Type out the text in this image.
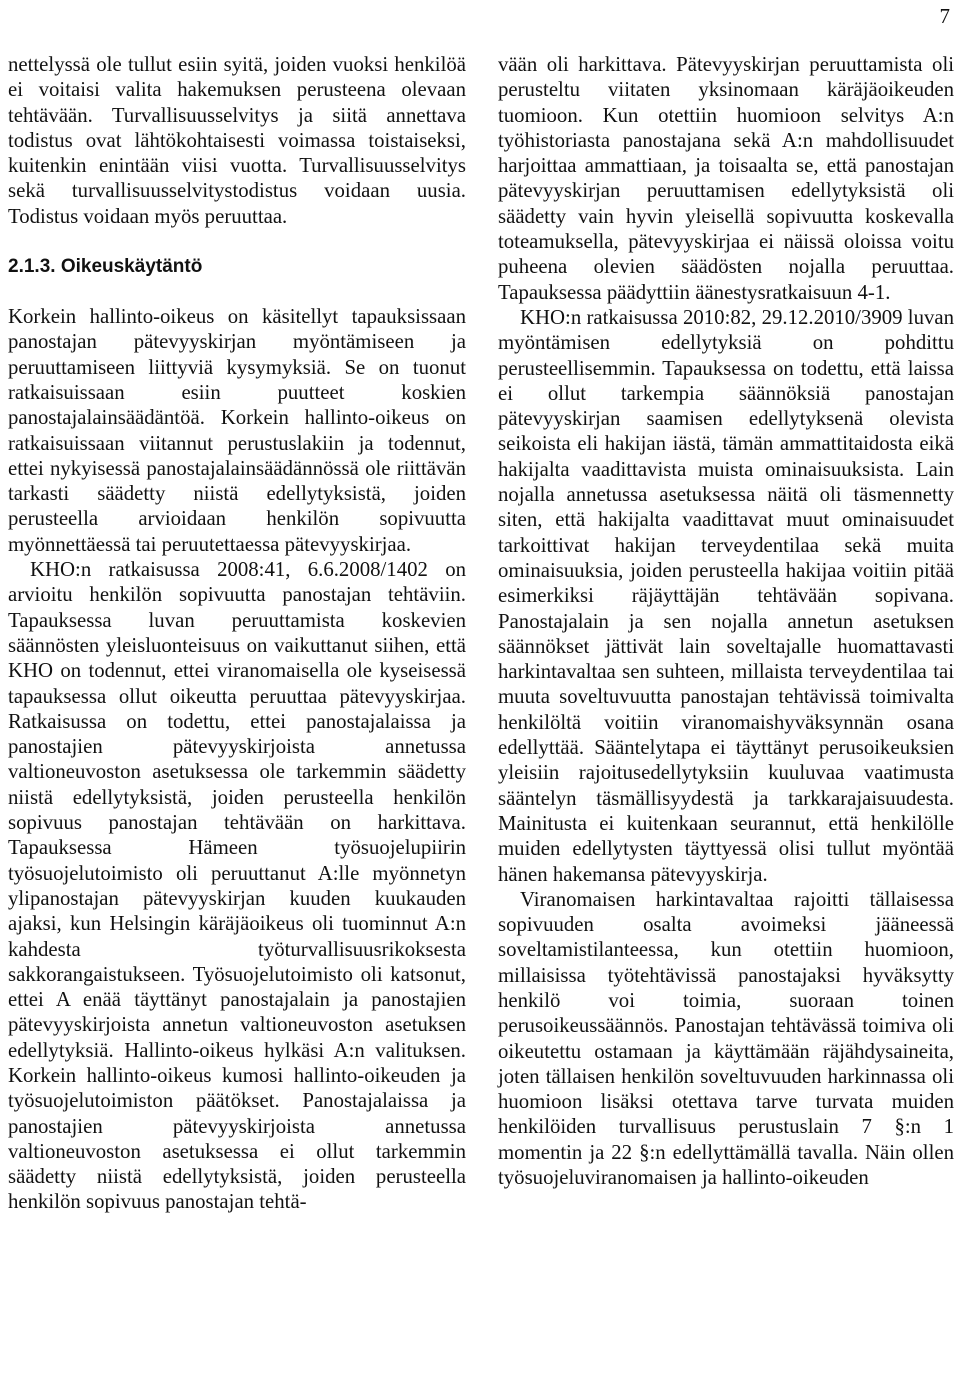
7

nettelyssä ole tullut esiin syitä, joiden vuoksi henkilöä ei voitaisi valita hakemuksen perusteena olevaan tehtävään. Turvallisuusselvitys ja siitä annettava todistus ovat lähtökohtaisesti voimassa toistaiseksi, kuitenkin enintään viisi vuotta. Turvallisuusselvitys sekä turvallisuusselvitystodistus voidaan uusia. Todistus voidaan myös peruuttaa.

2.1.3. Oikeuskäytäntö

Korkein hallinto-oikeus on käsitellyt tapauksissaan panostajan pätevyyskirjan myöntämiseen ja peruuttamiseen liittyviä kysymyksiä. Se on tuonut ratkaisuissaan esiin puutteet koskien panostajalainsäädäntöä. Korkein hallinto-oikeus on ratkaisuissaan viitannut perustuslakiin ja todennut, ettei nykyisessä panostajalainsäädännössä ole riittävän tarkasti säädetty niistä edellytyksistä, joiden perusteella arvioidaan henkilön sopivuutta myönnettäessä tai peruutettaessa pätevyyskirjaa.

KHO:n ratkaisussa 2008:41, 6.6.2008/1402 on arvioitu henkilön sopivuutta panostajan tehtäviin. Tapauksessa luvan peruuttamista koskevien säännösten yleisluonteisuus on vaikuttanut siihen, että KHO on todennut, ettei viranomaisella ole kyseisessä tapauksessa ollut oikeutta peruuttaa pätevyyskirjaa. Ratkaisussa on todettu, ettei panostajalaissa ja panostajien pätevyyskirjoista annetussa valtioneuvoston asetuksessa ole tarkemmin säädetty niistä edellytyksistä, joiden perusteella henkilön sopivuus panostajan tehtävään on harkittava. Tapauksessa Hämeen työsuojelupiirin työsuojelutoimisto oli peruuttanut A:lle myönnetyn ylipanostajan pätevyyskirjan kuuden kuukauden ajaksi, kun Helsingin käräjäoikeus oli tuominnut A:n kahdesta työturvallisuusrikoksesta sakkorangaistukseen. Työsuojelutoimisto oli katsonut, ettei A enää täyttänyt panostajalain ja panostajien pätevyyskirjoista annetun valtioneuvoston asetuksen edellytyksiä. Hallinto-oikeus hylkäsi A:n valituksen. Korkein hallinto-oikeus kumosi hallinto-oikeuden ja työsuojelutoimiston päätökset. Panostajalaissa ja panostajien pätevyyskirjoista annetussa valtioneuvoston asetuksessa ei ollut tarkemmin säädetty niistä edellytyksistä, joiden perusteella henkilön sopivuus panostajan tehtä-

vään oli harkittava. Pätevyyskirjan peruuttamista oli perusteltu viitaten yksinomaan käräjäoikeuden tuomioon. Kun otettiin huomioon selvitys A:n työhistoriasta panostajana sekä A:n mahdollisuudet harjoittaa ammattiaan, ja toisaalta se, että panostajan pätevyyskirjan peruuttamisen edellytyksistä oli säädetty vain hyvin yleisellä sopivuutta koskevalla toteamuksella, pätevyyskirjaa ei näissä oloissa voitu puheena olevien säädösten nojalla peruuttaa. Tapauksessa päädyttiin äänestysratkaisuun 4-1.

KHO:n ratkaisussa 2010:82, 29.12.2010/3909 luvan myöntämisen edellytyksiä on pohdittu perusteellisemmin. Tapauksessa on todettu, että laissa ei ollut tarkempia säännöksiä panostajan pätevyyskirjan saamisen edellytyksenä olevista seikoista eli hakijan iästä, tämän ammattitaidosta eikä hakijalta vaadittavista muista ominaisuuksista. Lain nojalla annetussa asetuksessa näitä oli täsmennetty siten, että hakijalta vaadittavat muut ominaisuudet tarkoittivat hakijan terveydentilaa sekä muita ominaisuuksia, joiden perusteella hakijaa voitiin pitää esimerkiksi räjäyttäjän tehtävään sopivana. Panostajalain ja sen nojalla annetun asetuksen säännökset jättivät lain soveltajalle huomattavasti harkintavaltaa sen suhteen, millaista terveydentilaa tai muuta soveltuvuutta panostajan tehtävissä toimivalta henkilöltä voitiin viranomaishyväksynnän osana edellyttää. Sääntelytapa ei täyttänyt perusoikeuksien yleisiin rajoitusedellytyksiin kuuluvaa vaatimusta sääntelyn täsmällisyydestä ja tarkkarajaisuudesta. Mainitusta ei kuitenkaan seurannut, että henkilölle muiden edellytysten täyttyessä olisi tullut myöntää hänen hakemansa pätevyyskirja.

Viranomaisen harkintavaltaa rajoitti tällaisessa sopivuuden osalta avoimeksi jääneessä soveltamistilanteessa, kun otettiin huomioon, millaisissa työtehtävissä panostajaksi hyväksytty henkilö voi toimia, suoraan toinen perusoikeussäännös. Panostajan tehtävässä toimiva oli oikeutettu ostamaan ja käyttämään räjähdysaineita, joten tällaisen henkilön soveltuvuuden harkinnassa oli huomioon lisäksi otettava tarve turvata muiden henkilöiden turvallisuus perustuslain 7 §:n 1 momentin ja 22 §:n edellyttämällä tavalla. Näin ollen työsuojeluviranomaisen ja hallinto-oikeuden
